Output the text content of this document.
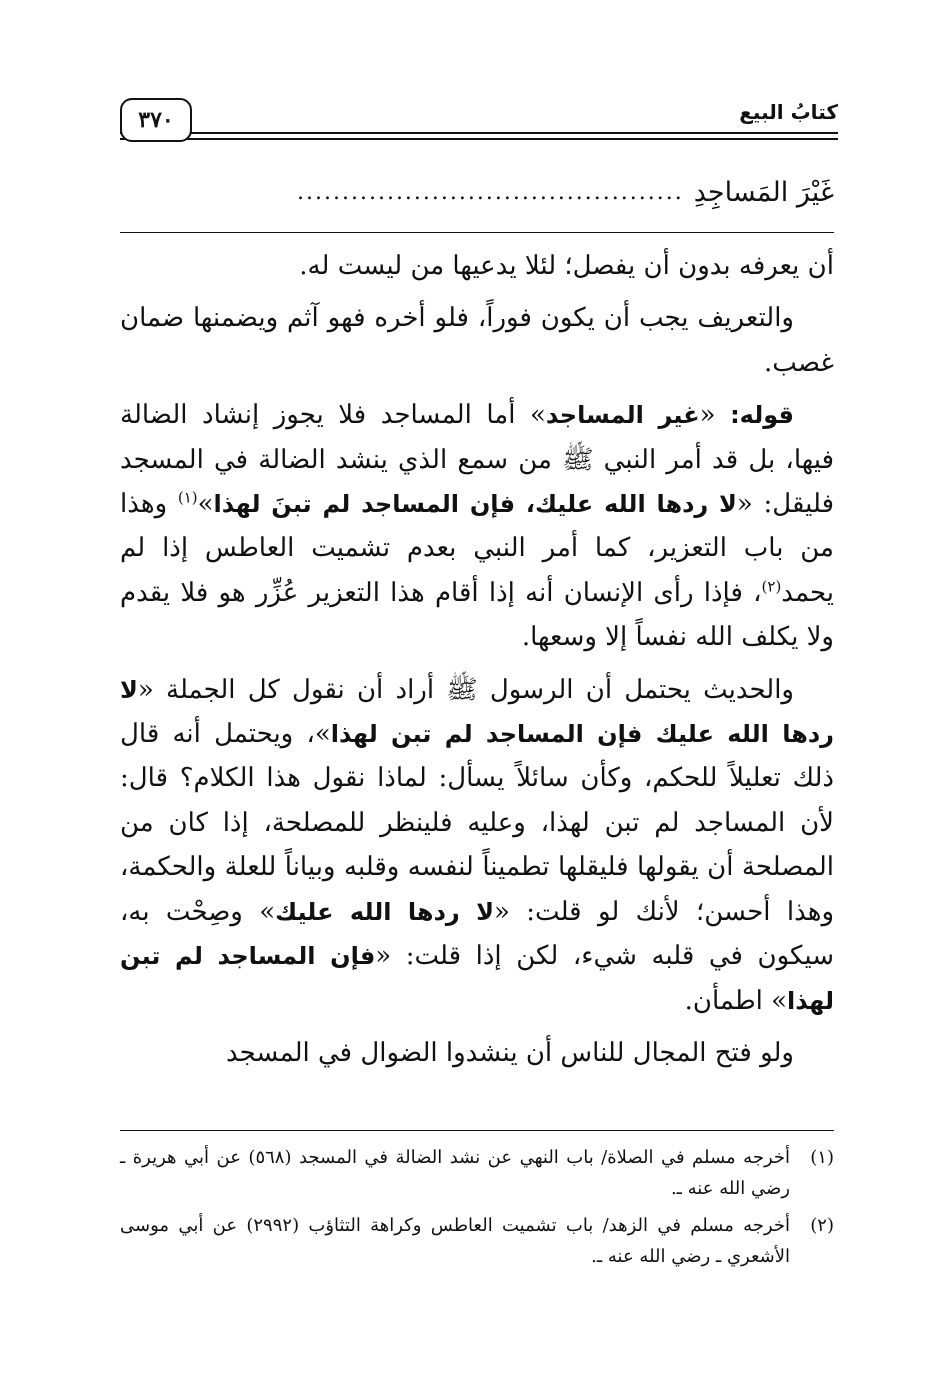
٣٧٠	كتابُ البيع
غَيْرَ المَساجِدِ
...........................................

أن يعرفه بدون أن يفصل؛ لئلا يدعيها من ليست له.

والتعريف يجب أن يكون فوراً، فلو أخره فهو آثم ويضمنها ضمان غصب.

قوله: «غير المساجد» أما المساجد فلا يجوز إنشاد الضالة فيها، بل قد أمر النبي ﷺ من سمع الذي ينشد الضالة في المسجد فليقل: «لا ردها الله عليك، فإن المساجد لم تبنَ لهذا»$^{(١)}$ وهذا من باب التعزير، كما أمر النبي بعدم تشميت العاطس إذا لم يحمد$^{(٢)}$، فإذا رأى الإنسان أنه إذا أقام هذا التعزير عُزِّر هو فلا يقدم ولا يكلف الله نفساً إلا وسعها.

والحديث يحتمل أن الرسول ﷺ أراد أن نقول كل الجملة «لا ردها الله عليك فإن المساجد لم تبن لهذا»، ويحتمل أنه قال ذلك تعليلاً للحكم، وكأن سائلاً يسأل: لماذا نقول هذا الكلام؟ قال: لأن المساجد لم تبن لهذا، وعليه فلينظر للمصلحة، إذا كان من المصلحة أن يقولها فليقلها تطميناً لنفسه وقلبه وبياناً للعلة والحكمة، وهذا أحسن؛ لأنك لو قلت: «لا ردها الله عليك» وصِحْت به، سيكون في قلبه شيء، لكن إذا قلت: «فإن المساجد لم تبن لهذا» اطمأن.

ولو فتح المجال للناس أن ينشدوا الضوال في المسجد

(١)
أخرجه مسلم في الصلاة/ باب النهي عن نشد الضالة في المسجد (٥٦٨) عن أبي هريرة ـ رضي الله عنه ـ.
(٢)
أخرجه مسلم في الزهد/ باب تشميت العاطس وكراهة التثاؤب (٢٩٩٢) عن أبي موسى الأشعري ـ رضي الله عنه ـ.
